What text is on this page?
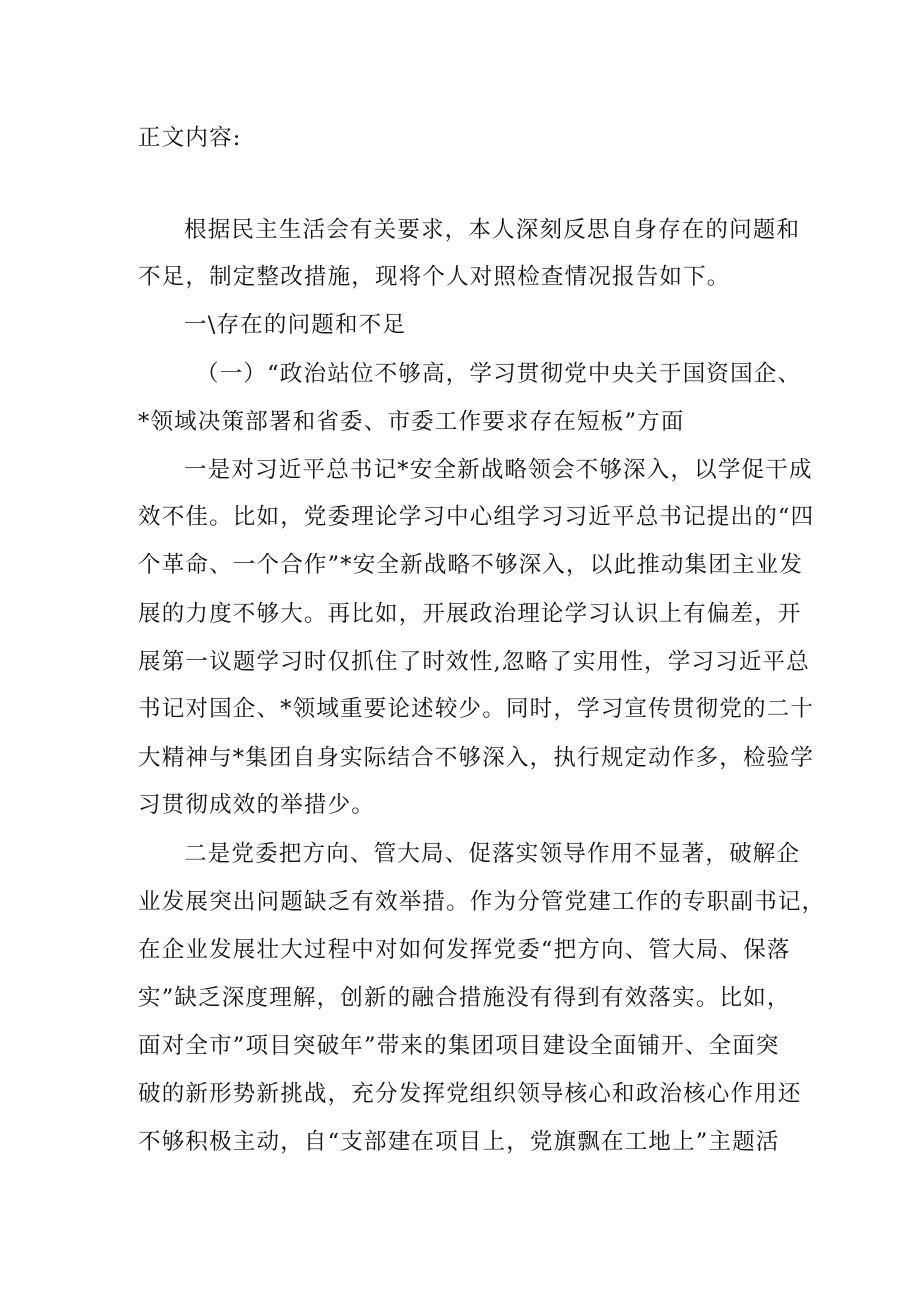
正文内容:
根据民主生活会有关要求，本人深刻反思自身存在的问题和
不足，制定整改措施，现将个人对照检查情况报告如下。
一\存在的问题和不足
（一）“政治站位不够高，学习贯彻党中央关于国资国企、
*领域决策部署和省委、市委工作要求存在短板”方面
一是对习近平总书记*安全新战略领会不够深入，以学促干成
效不佳。比如，党委理论学习中心组学习习近平总书记提出的“四
个革命、一个合作”*安全新战略不够深入，以此推动集团主业发
展的力度不够大。再比如，开展政治理论学习认识上有偏差，开
展第一议题学习时仅抓住了时效性,忽略了实用性，学习习近平总
书记对国企、*领域重要论述较少。同时，学习宣传贯彻党的二十
大精神与*集团自身实际结合不够深入，执行规定动作多，检验学
习贯彻成效的举措少。
二是党委把方向、管大局、促落实领导作用不显著，破解企
业发展突出问题缺乏有效举措。作为分管党建工作的专职副书记，
在企业发展壮大过程中对如何发挥党委“把方向、管大局、保落
实”缺乏深度理解，创新的融合措施没有得到有效落实。比如，
面对全市”项目突破年”带来的集团项目建设全面铺开、全面突
破的新形势新挑战，充分发挥党组织领导核心和政治核心作用还
不够积极主动，自“支部建在项目上，党旗飘在工地上”主题活
